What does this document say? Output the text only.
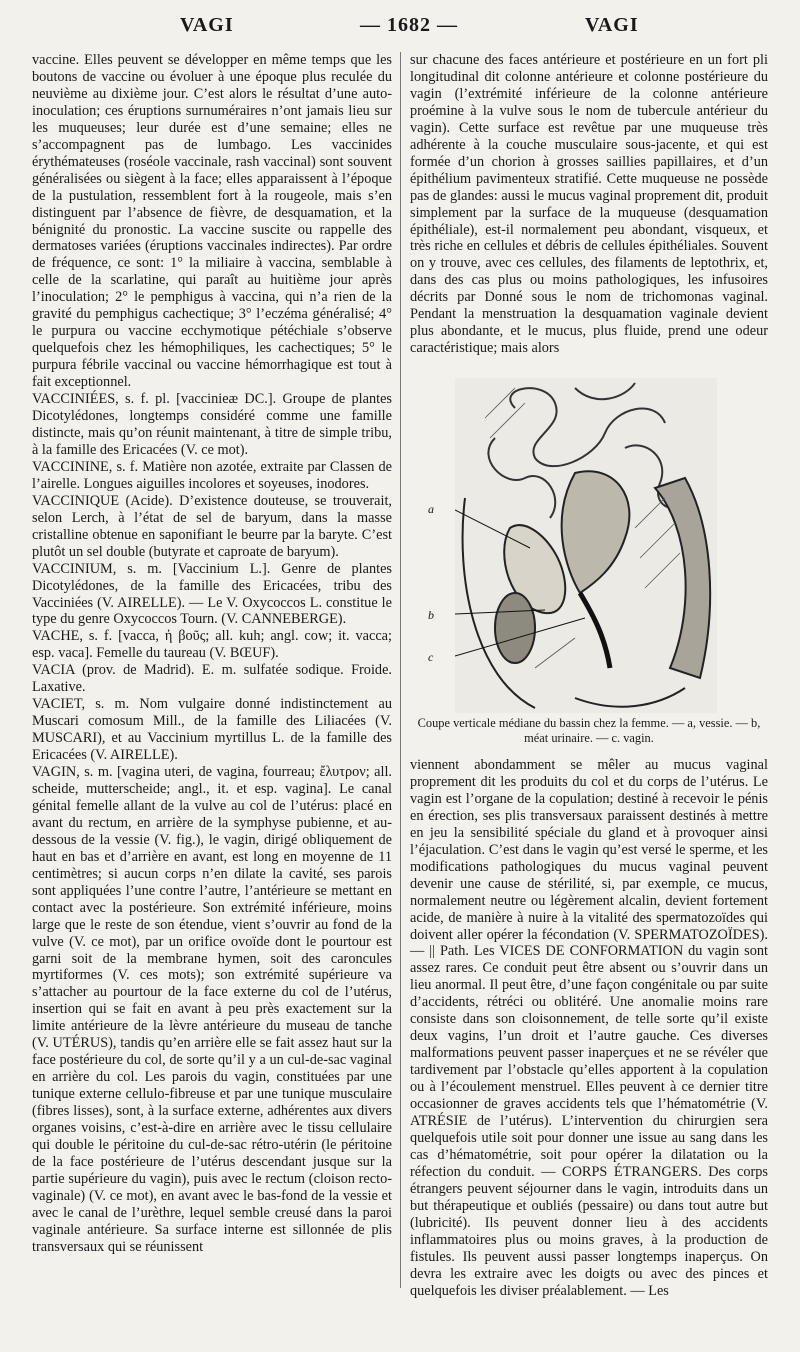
VAGI	— 1682 —	VAGI

vaccine. Elles peuvent se développer en même temps que les boutons de vaccine ou évoluer à une époque plus reculée du neuvième au dixième jour. C’est alors le résultat d’une auto-inoculation; ces éruptions surnuméraires n’ont jamais lieu sur les muqueuses; leur durée est d’une semaine; elles ne s’accompagnent pas de lumbago. Les vaccinides érythémateuses (roséole vaccinale, rash vaccinal) sont souvent généralisées ou siègent à la face; elles apparaissent à l’époque de la pustulation, ressemblent fort à la rougeole, mais s’en distinguent par l’absence de fièvre, de desquamation, et la bénignité du pronostic. La vaccine suscite ou rappelle des dermatoses variées (éruptions vaccinales indirectes). Par ordre de fréquence, ce sont: 1° la miliaire à vaccina, semblable à celle de la scarlatine, qui paraît au huitième jour après l’inoculation; 2° le pemphigus à vaccina, qui n’a rien de la gravité du pemphigus cachectique; 3° l’eczéma généralisé; 4° le purpura ou vaccine ecchymotique pétéchiale s’observe quelquefois chez les hémophiliques, les cachectiques; 5° le purpura fébrile vaccinal ou vaccine hémorrhagique est tout à fait exceptionnel.

VACCINIÉES, s. f. pl. [vaccinieæ DC.]. Groupe de plantes Dicotylédones, longtemps considéré comme une famille distincte, mais qu’on réunit maintenant, à titre de simple tribu, à la famille des Ericacées (V. ce mot).

VACCININE, s. f. Matière non azotée, extraite par Classen de l’airelle. Longues aiguilles incolores et soyeuses, inodores.

VACCINIQUE (Acide). D’existence douteuse, se trouverait, selon Lerch, à l’état de sel de baryum, dans la masse cristalline obtenue en saponifiant le beurre par la baryte. C’est plutôt un sel double (butyrate et caproate de baryum).

VACCINIUM, s. m. [Vaccinium L.]. Genre de plantes Dicotylédones, de la famille des Ericacées, tribu des Vacciniées (V. AIRELLE). — Le V. Oxycoccos L. constitue le type du genre Oxycoccos Tourn. (V. CANNEBERGE).

VACHE, s. f. [vacca, ἡ βοῦς; all. kuh; angl. cow; it. vacca; esp. vaca]. Femelle du taureau (V. BŒUF).

VACIA (prov. de Madrid). E. m. sulfatée sodique. Froide. Laxative.

VACIET, s. m. Nom vulgaire donné indistinctement au Muscari comosum Mill., de la famille des Liliacées (V. MUSCARI), et au Vaccinium myrtillus L. de la famille des Ericacées (V. AIRELLE).

VAGIN, s. m. [vagina uteri, de vagina, fourreau; ἔλυτρον; all. scheide, mutterscheide; angl., it. et esp. vagina]. Le canal génital femelle allant de la vulve au col de l’utérus: placé en avant du rectum, en arrière de la symphyse pubienne, et au-dessous de la vessie (V. fig.), le vagin, dirigé obliquement de haut en bas et d’arrière en avant, est long en moyenne de 11 centimètres; si aucun corps n’en dilate la cavité, ses parois sont appliquées l’une contre l’autre, l’antérieure se mettant en contact avec la postérieure. Son extrémité inférieure, moins large que le reste de son étendue, vient s’ouvrir au fond de la vulve (V. ce mot), par un orifice ovoïde dont le pourtour est garni soit de la membrane hymen, soit des caroncules myrtiformes (V. ces mots); son extrémité supérieure va s’attacher au pourtour de la face externe du col de l’utérus, insertion qui se fait en avant à peu près exactement sur la limite antérieure de la lèvre antérieure du museau de tanche (V. UTÉRUS), tandis qu’en arrière elle se fait assez haut sur la face postérieure du col, de sorte qu’il y a un cul-de-sac vaginal en arrière du col. Les parois du vagin, constituées par une tunique externe cellulo-fibreuse et par une tunique musculaire (fibres lisses), sont, à la surface externe, adhérentes aux divers organes voisins, c’est-à-dire en arrière avec le tissu cellulaire qui double le péritoine du cul-de-sac rétro-utérin (le péritoine de la face postérieure de l’utérus descendant jusque sur la partie supérieure du vagin), puis avec le rectum (cloison recto-vaginale) (V. ce mot), en avant avec le bas-fond de la vessie et avec le canal de l’urèthre, lequel semble creusé dans la paroi vaginale antérieure. Sa surface interne est sillonnée de plis transversaux qui se réunissent

sur chacune des faces antérieure et postérieure en un fort pli longitudinal dit colonne antérieure et colonne postérieure du vagin (l’extrémité inférieure de la colonne antérieure proémine à la vulve sous le nom de tubercule antérieur du vagin). Cette surface est revêtue par une muqueuse très adhérente à la couche musculaire sous-jacente, et qui est formée d’un chorion à grosses saillies papillaires, et d’un épithélium pavimenteux stratifié. Cette muqueuse ne possède pas de glandes: aussi le mucus vaginal proprement dit, produit simplement par la surface de la muqueuse (desquamation épithéliale), est-il normalement peu abondant, visqueux, et très riche en cellules et débris de cellules épithéliales. Souvent on y trouve, avec ces cellules, des filaments de leptothrix, et, dans des cas plus ou moins pathologiques, les infusoires décrits par Donné sous le nom de trichomonas vaginal. Pendant la menstruation la desquamation vaginale devient plus abondante, et le mucus, plus fluide, prend une odeur caractéristique; mais alors

a
b
c
Coupe verticale médiane du bassin chez la femme. — a, vessie. — b, méat urinaire. — c. vagin.

viennent abondamment se mêler au mucus vaginal proprement dit les produits du col et du corps de l’utérus. Le vagin est l’organe de la copulation; destiné à recevoir le pénis en érection, ses plis transversaux paraissent destinés à mettre en jeu la sensibilité spéciale du gland et à provoquer ainsi l’éjaculation. C’est dans le vagin qu’est versé le sperme, et les modifications pathologiques du mucus vaginal peuvent devenir une cause de stérilité, si, par exemple, ce mucus, normalement neutre ou légèrement alcalin, devient fortement acide, de manière à nuire à la vitalité des spermatozoïdes qui doivent aller opérer la fécondation (V. SPERMATOZOÏDES). — || Path. Les VICES DE CONFORMATION du vagin sont assez rares. Ce conduit peut être absent ou s’ouvrir dans un lieu anormal. Il peut être, d’une façon congénitale ou par suite d’accidents, rétréci ou oblitéré. Une anomalie moins rare consiste dans son cloisonnement, de telle sorte qu’il existe deux vagins, l’un droit et l’autre gauche. Ces diverses malformations peuvent passer inaperçues et ne se révéler que tardivement par l’obstacle qu’elles apportent à la copulation ou à l’écoulement menstruel. Elles peuvent à ce dernier titre occasionner de graves accidents tels que l’hématométrie (V. ATRÉSIE de l’utérus). L’intervention du chirurgien sera quelquefois utile soit pour donner une issue au sang dans les cas d’hématométrie, soit pour opérer la dilatation ou la réfection du conduit. — CORPS ÉTRANGERS. Des corps étrangers peuvent séjourner dans le vagin, introduits dans un but thérapeutique et oubliés (pessaire) ou dans tout autre but (lubricité). Ils peuvent donner lieu à des accidents inflammatoires plus ou moins graves, à la production de fistules. Ils peuvent aussi passer longtemps inaperçus. On devra les extraire avec les doigts ou avec des pinces et quelquefois les diviser préalablement. — Les
